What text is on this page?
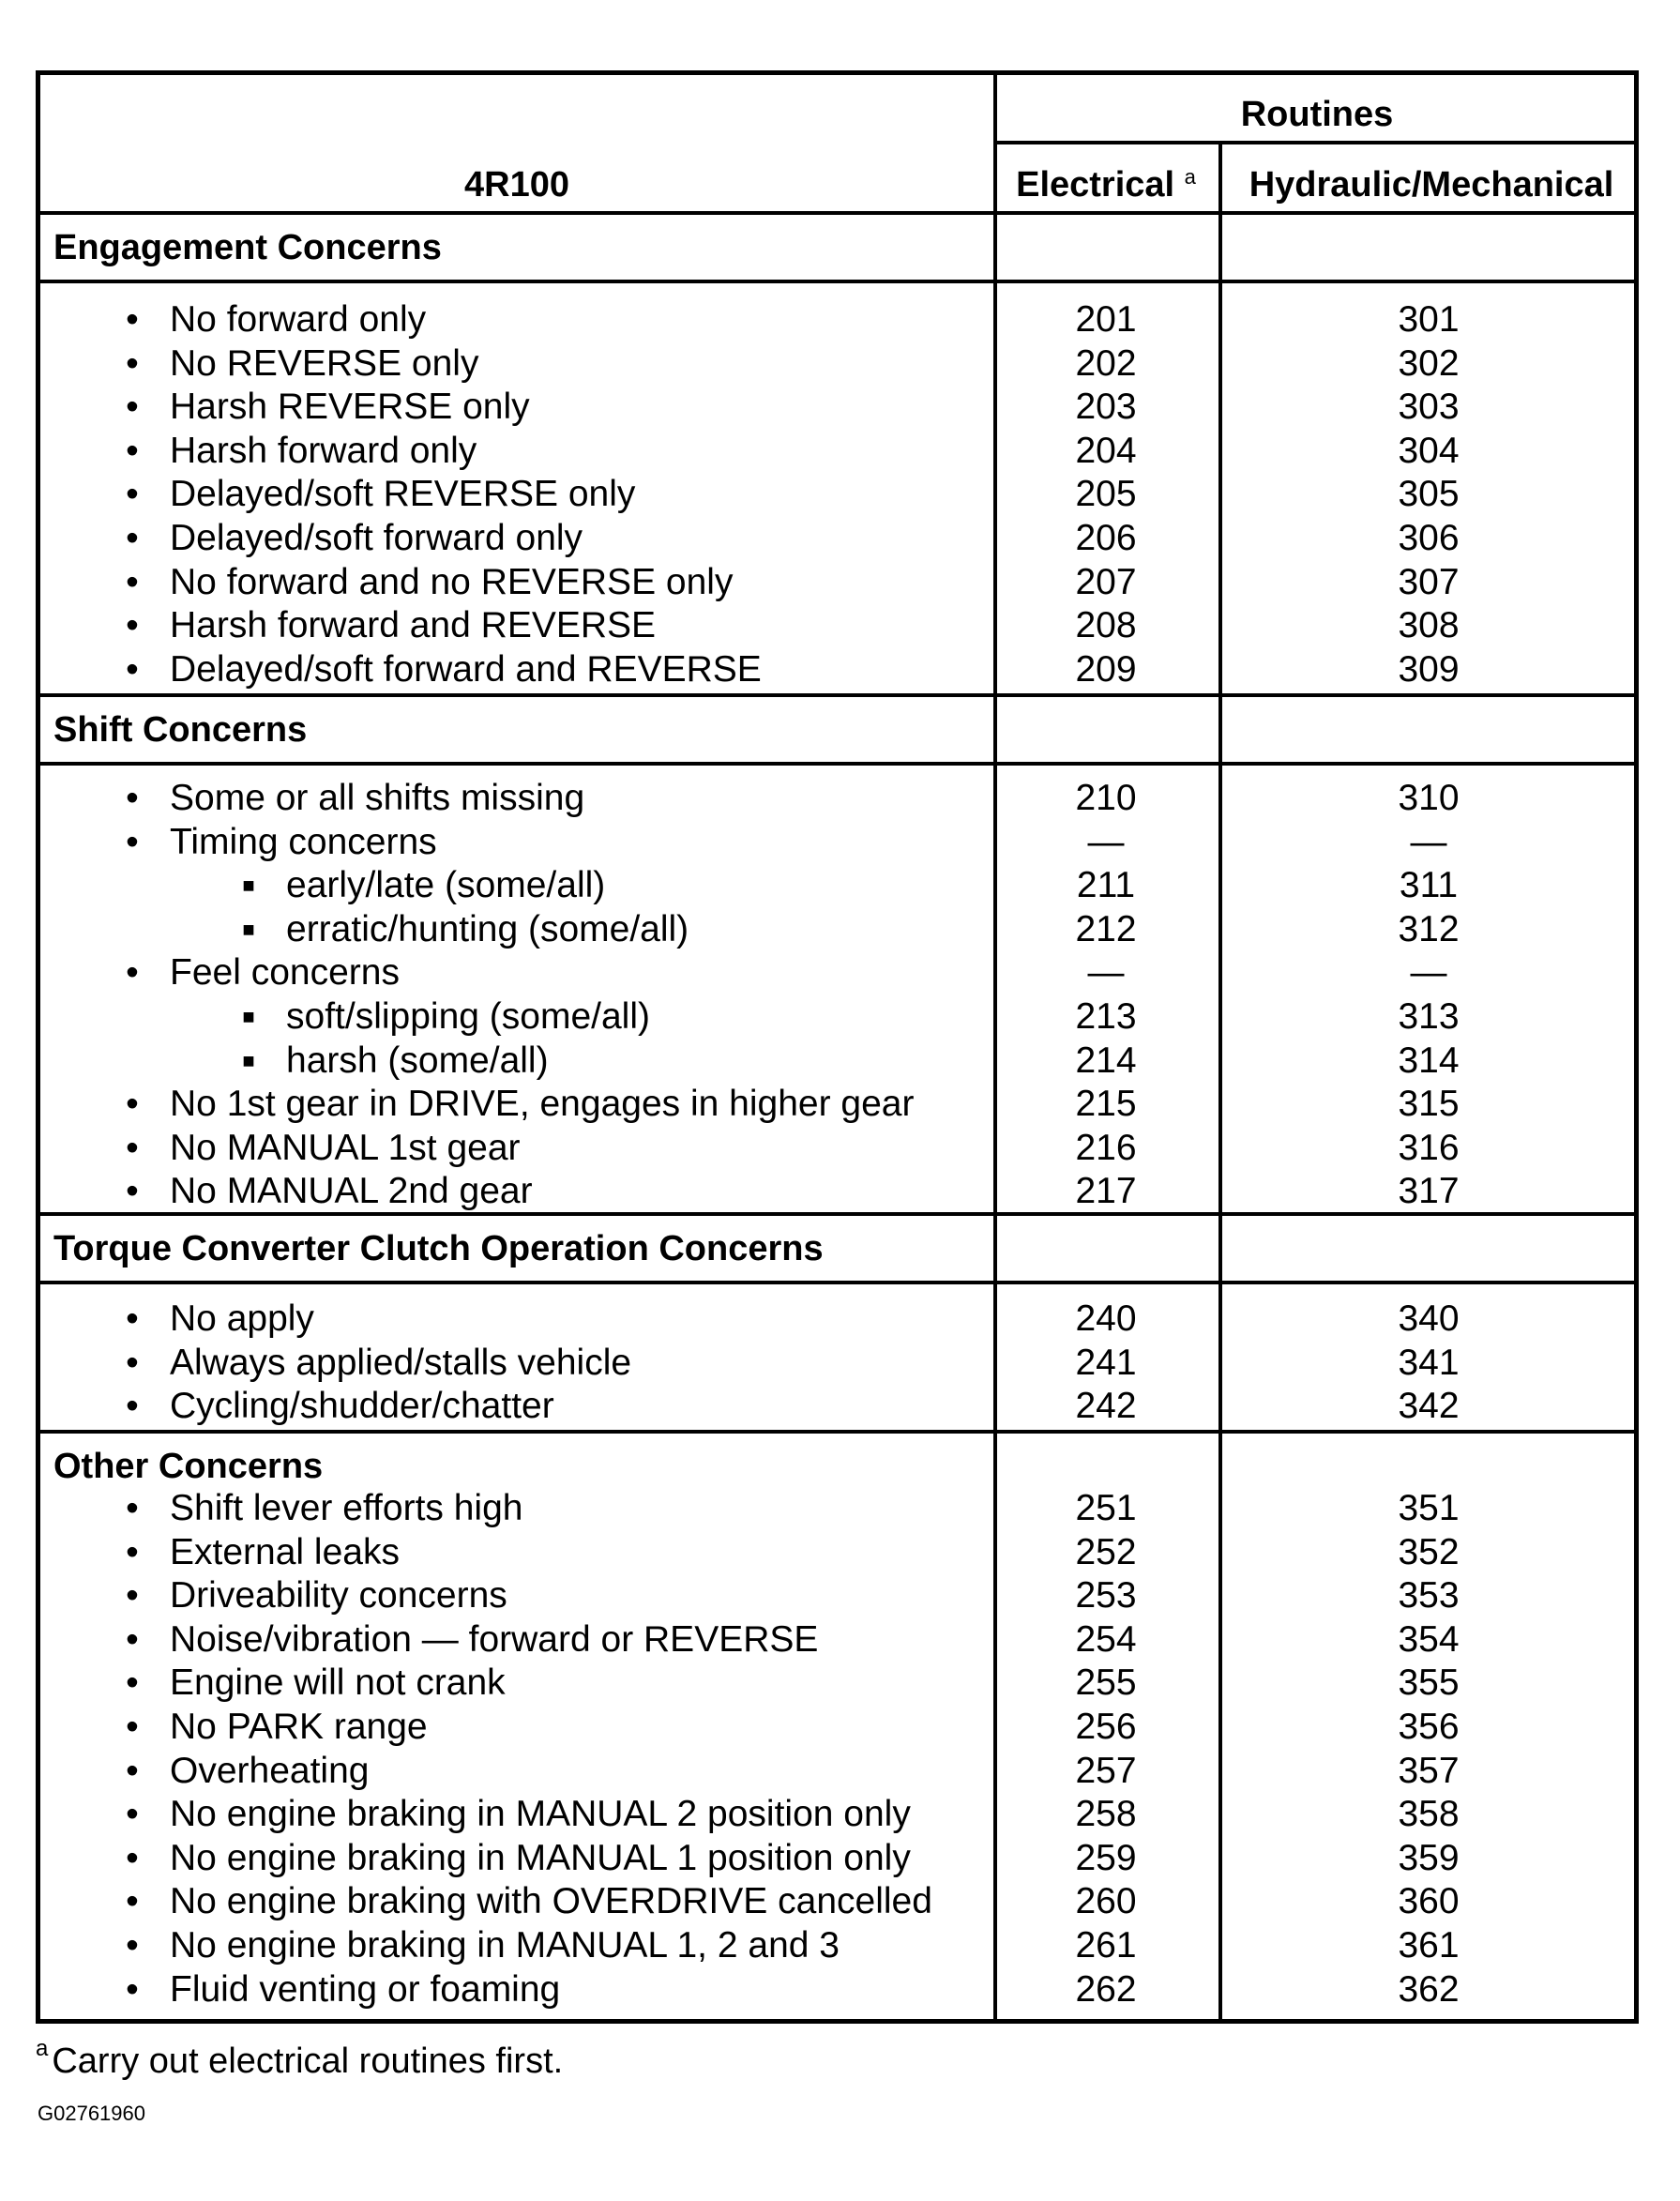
Routines
4R100	Electrical $^a$	Hydraulic/Mechanical
Engagement Concerns
• No forward only	201	301
• No REVERSE only	202	302
• Harsh REVERSE only	203	303
• Harsh forward only	204	304
• Delayed/soft REVERSE only	205	305
• Delayed/soft forward only	206	306
• No forward and no REVERSE only	207	307
• Harsh forward and REVERSE	208	308
• Delayed/soft forward and REVERSE	209	309
Shift Concerns
• Some or all shifts missing	210	310
• Timing concerns	—	—
■ early/late (some/all)	211	311
■ erratic/hunting (some/all)	212	312
• Feel concerns	—	—
■ soft/slipping (some/all)	213	313
■ harsh (some/all)	214	314
• No 1st gear in DRIVE, engages in higher gear	215	315
• No MANUAL 1st gear	216	316
• No MANUAL 2nd gear	217	317
Torque Converter Clutch Operation Concerns
• No apply	240	340
• Always applied/stalls vehicle	241	341
• Cycling/shudder/chatter	242	342
Other Concerns
• Shift lever efforts high	251	351
• External leaks	252	352
• Driveability concerns	253	353
• Noise/vibration — forward or REVERSE	254	354
• Engine will not crank	255	355
• No PARK range	256	356
• Overheating	257	357
• No engine braking in MANUAL 2 position only	258	358
• No engine braking in MANUAL 1 position only	259	359
• No engine braking with OVERDRIVE cancelled	260	360
• No engine braking in MANUAL 1, 2 and 3	261	361
• Fluid venting or foaming	262	362
$^a$ Carry out electrical routines first.
G02761960
